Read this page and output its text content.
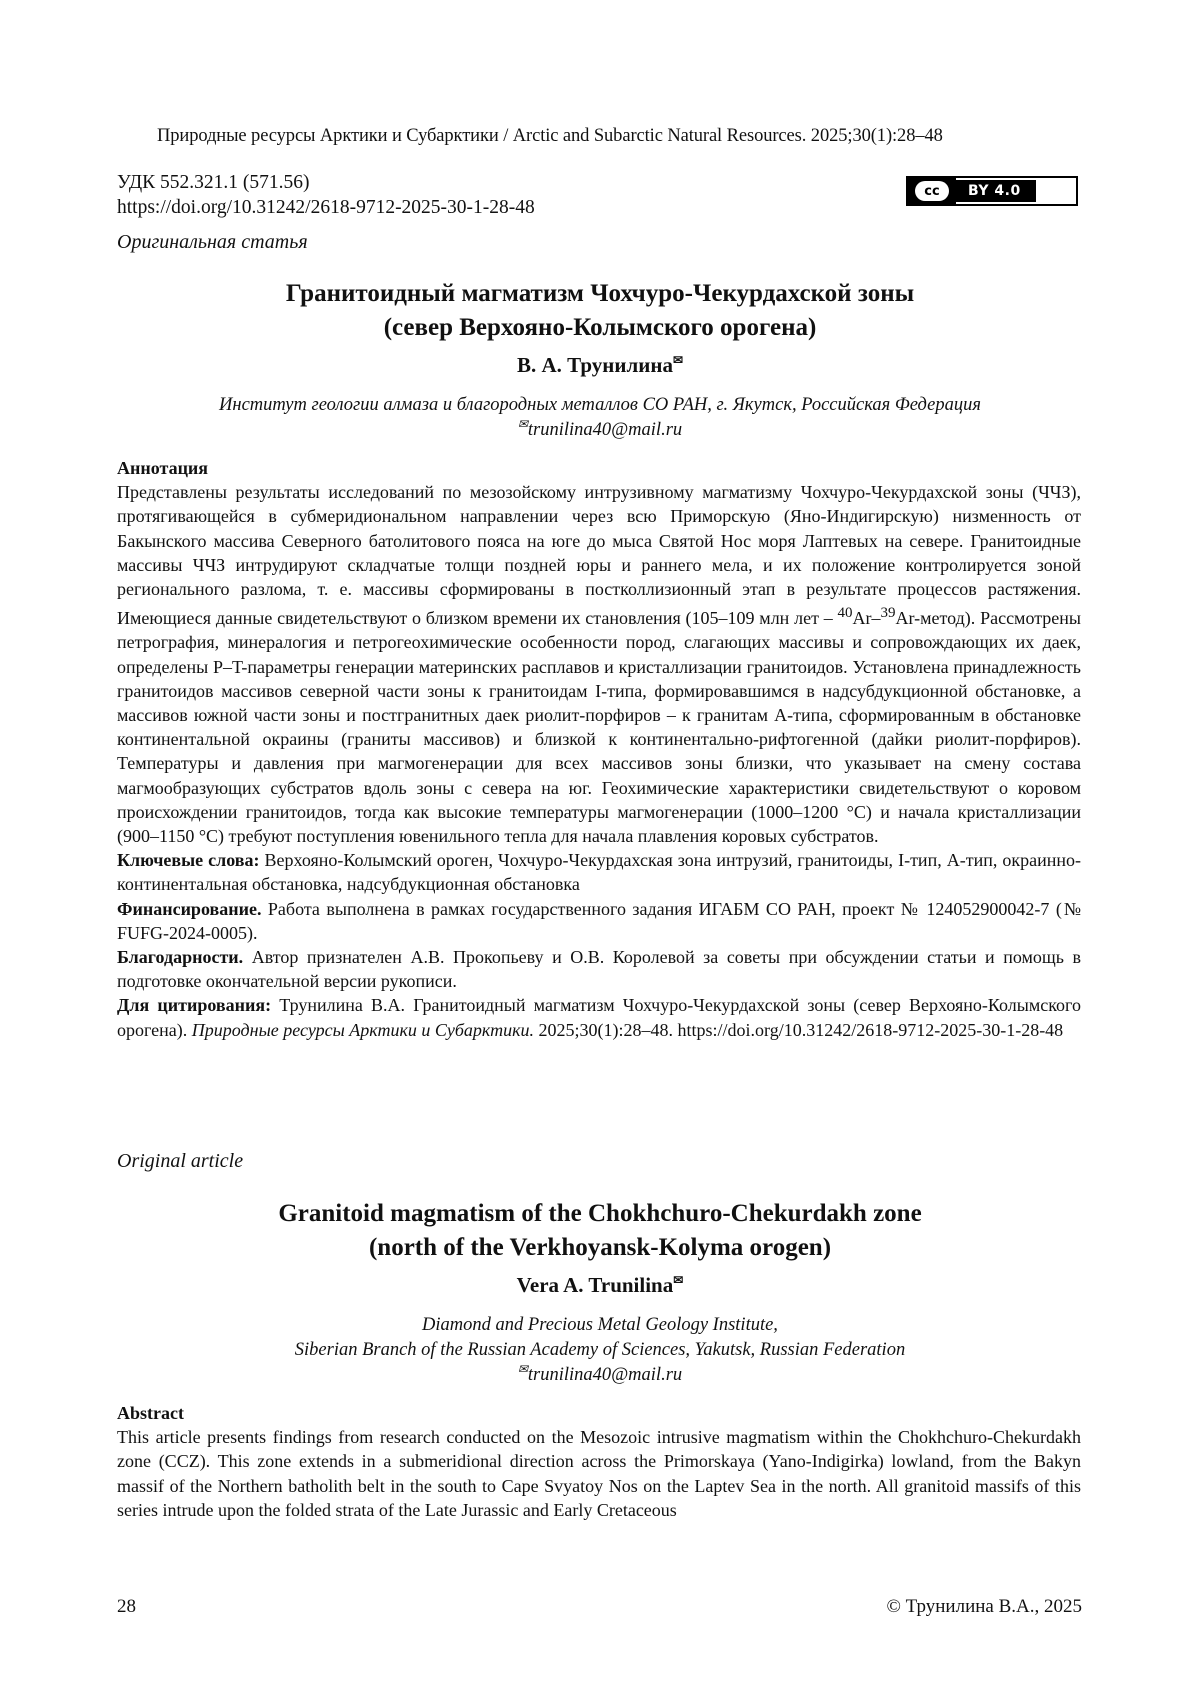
Природные ресурсы Арктики и Субарктики / Arctic and Subarctic Natural Resources. 2025;30(1):28–48
УДК 552.321.1 (571.56)
https://doi.org/10.31242/2618-9712-2025-30-1-28-48
cc	BY 4.0
Оригинальная статья
Гранитоидный магматизм Чохчуро-Чекурдахской зоны
(север Верхояно-Колымского орогена)
В. А. Трунилина✉
Институт геологии алмаза и благородных металлов СО РАН, г. Якутск, Российская Федерация
✉trunilina40@mail.ru

Аннотация

Представлены результаты исследований по мезозойскому интрузивному магматизму Чохчуро-Чекурдахской зоны (ЧЧЗ), протягивающейся в субмеридиональном направлении через всю Приморскую (Яно-Индигирскую) низменность от Бакынского массива Северного батолитового пояса на юге до мыса Святой Нос моря Лаптевых на севере. Гранитоидные массивы ЧЧЗ интрудируют складчатые толщи поздней юры и раннего мела, и их положение контролируется зоной регионального разлома, т. е. массивы сформированы в постколлизионный этап в результате процессов растяжения. Имеющиеся данные свидетельствуют о близком времени их становления (105–109 млн лет – $^{40}$Ar–$^{39}$Ar-метод). Рассмотрены петрография, минералогия и петрогеохимические особенности пород, слагающих массивы и сопровождающих их даек, определены P–T-параметры генерации материнских расплавов и кристаллизации гранитоидов. Установлена принадлежность гранитоидов массивов северной части зоны к гранитоидам I-типа, формировавшимся в надсубдукционной обстановке, а массивов южной части зоны и постгранитных даек риолит-порфиров – к гранитам А-типа, сформированным в обстановке континентальной окраины (граниты массивов) и близкой к континентально-рифтогенной (дайки риолит-порфиров). Температуры и давления при магмогенерации для всех массивов зоны близки, что указывает на смену состава магмообразующих субстратов вдоль зоны с севера на юг. Геохимические характеристики свидетельствуют о коровом происхождении гранитоидов, тогда как высокие температуры магмогенерации (1000–1200 °С) и начала кристаллизации (900–1150 °С) требуют поступления ювенильного тепла для начала плавления коровых субстратов.

Ключевые слова: Верхояно-Колымский ороген, Чохчуро-Чекурдахская зона интрузий, гранитоиды, I-тип, А-тип, окраинно-континентальная обстановка, надсубдукционная обстановка

Финансирование. Работа выполнена в рамках государственного задания ИГАБМ СО РАН, проект № 124052900042-7 (№ FUFG-2024-0005).

Благодарности. Автор признателен А.В. Прокопьеву и О.В. Королевой за советы при обсуждении статьи и помощь в подготовке окончательной версии рукописи.

Для цитирования: Трунилина В.А. Гранитоидный магматизм Чохчуро-Чекурдахской зоны (север Верхояно-Колымского орогена). Природные ресурсы Арктики и Субарктики. 2025;30(1):28–48. https://doi.org/10.31242/2618-9712-2025-30-1-28-48

Original article
Granitoid magmatism of the Chokhchuro-Chekurdakh zone
(north of the Verkhoyansk-Kolyma orogen)
Vera A. Trunilina✉
Diamond and Precious Metal Geology Institute,
Siberian Branch of the Russian Academy of Sciences, Yakutsk, Russian Federation
✉trunilina40@mail.ru

Abstract

This article presents findings from research conducted on the Mesozoic intrusive magmatism within the Chokhchuro-Chekurdakh zone (CCZ). This zone extends in a submeridional direction across the Primorskaya (Yano-Indigirka) lowland, from the Bakyn massif of the Northern batholith belt in the south to Cape Svyatoy Nos on the Laptev Sea in the north. All granitoid massifs of this series intrude upon the folded strata of the Late Jurassic and Early Cretaceous

28	© Трунилина В.А., 2025
